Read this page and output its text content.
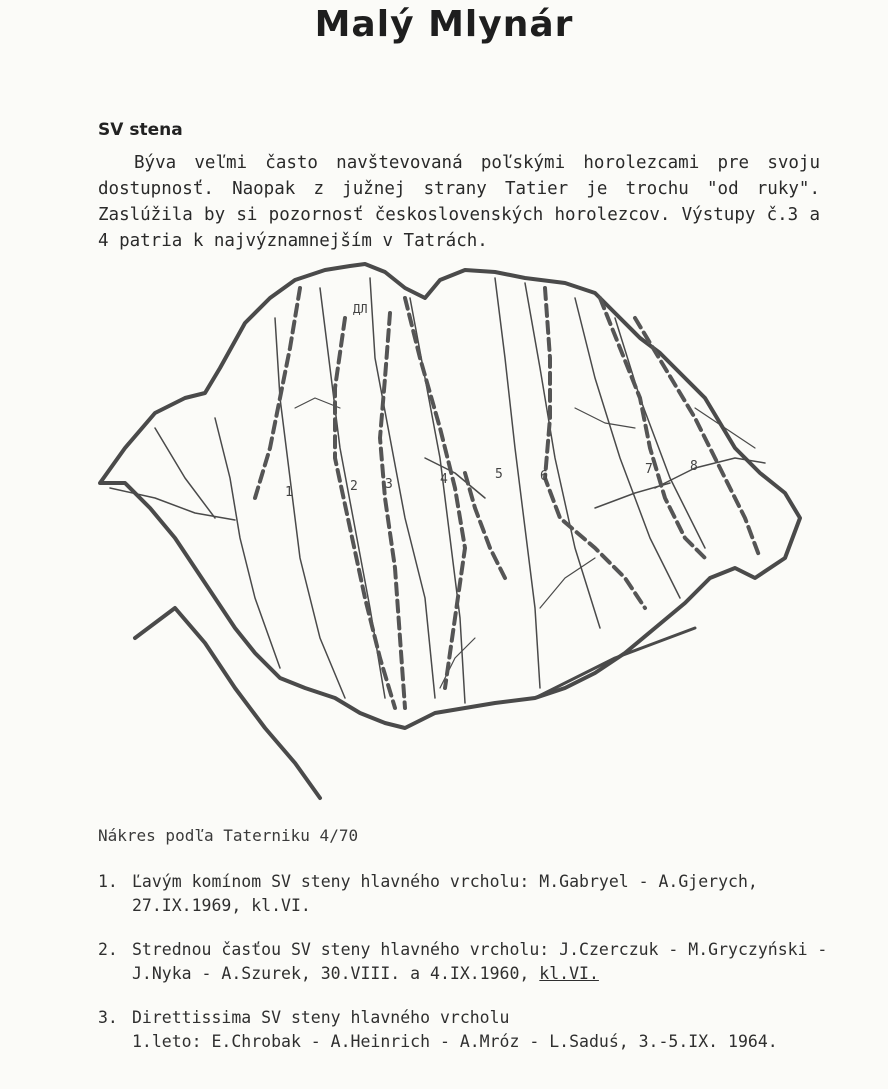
Malý Mlynár
SV stena
Býva veľmi často navštevovaná poľskými horolezcami pre svoju dostupnosť. Naopak z južnej strany Tatier je trochu "od ruky". Zaslúžila by si pozornosť československých horolezcov. Výstupy č.3 a 4 patria k najvýznamnejším v Tatrách.
1	2 3	4	5	6	7	8
ДЛ
Nákres podľa Taterniku 4/70
1. Ľavým komínom SV steny hlavného vrcholu: M.Gabryel - A.Gjerych, 27.IX.1969, kl.VI.
2. Strednou časťou SV steny hlavného vrcholu: J.Czerczuk - M.Gryczyński - J.Nyka - A.Szurek, 30.VIII. a 4.IX.1960, kl.VI.
3. Direttissima SV steny hlavného vrcholu
1.leto: E.Chrobak - A.Heinrich - A.Mróz - L.Saduś, 3.-5.IX. 1964.
